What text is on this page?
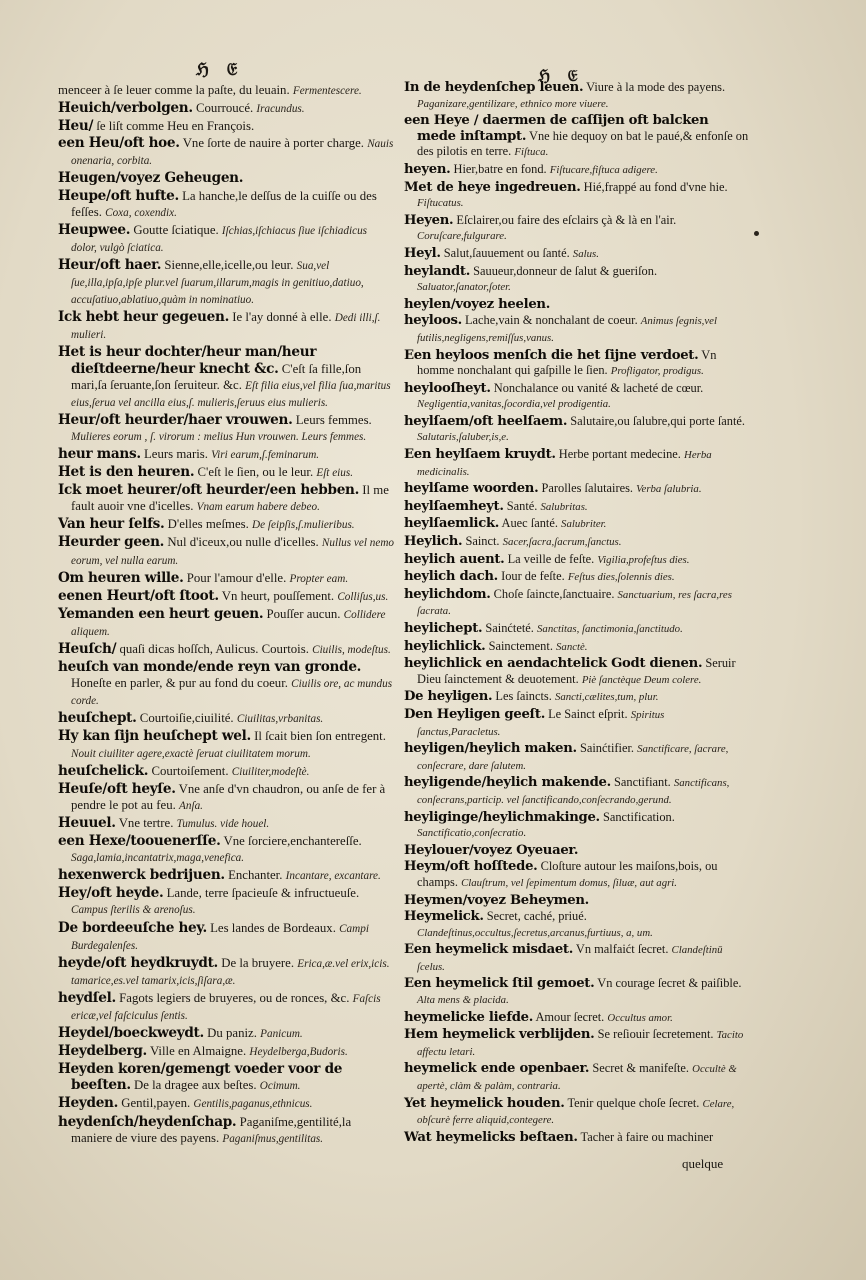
ℌ 𝔈	ℌ 𝔈
menceer à ſe leuer comme la paſte, du leuain. Fermentescere.
Heuich/verbolgen. Courroucé. Iracundus.
Heu/ ſe liſt comme Heu en François.
een Heu/oft hoe. Vne ſorte de nauire à porter charge. Nauis onenaria, corbita.
Heugen/voyez Geheugen.
Heupe/oft hufte. La hanche,le deſſus de la cuiſſe ou des feſſes. Coxa, coxendix.
Heupwee. Goutte ſciatique. Iſchias,iſchiacus ſiue iſchiadicus dolor, vulgò ſciatica.
Heur/oft haer. Sienne,elle,icelle,ou leur. Sua,vel ſue,illa,ipſa,ipſe plur.vel ſuarum,illarum,magis in genitiuo,datiuo, accuſatiuo,ablatiuo,quàm in nominatiuo.
Ick hebt heur gegeuen. Ie l'ay donné à elle. Dedi illi,ſ. mulieri.
Het is heur dochter/heur man/heur dieſtdeerne/heur knecht &c. C'eſt ſa fille,ſon mari,ſa ſeruante,ſon ſeruiteur. &c. Eſt filia eius,vel filia ſua,maritus eius,ſerua vel ancilla eius,ſ. mulieris,ſeruus eius mulieris.
Heur/oft heurder/haer vrouwen. Leurs femmes. Mulieres eorum , ſ. virorum : melius Hun vrouwen. Leurs femmes.
heur mans. Leurs maris. Viri earum,ſ.feminarum.
Het is den heuren. C'eſt le ſien, ou le leur. Eſt eius.
Ick moet heurer/oft heurder/een hebben. Il me fault auoir vne d'icelles. Vnam earum habere debeo.
Van heur ſelfs. D'elles meſmes. De ſeipſis,ſ.mulieribus.
Heurder geen. Nul d'iceux,ou nulle d'icelles. Nullus vel nemo eorum, vel nulla earum.
Om heuren wille. Pour l'amour d'elle. Propter eam.
eenen Heurt/oft ſtoot. Vn heurt, pouſſement. Colliſus,us.
Yemanden een heurt geuen. Pouſſer aucun. Collidere aliquem.
Heuſch/ quaſi dicas hoſſch, Aulicus. Courtois. Ciuilis, modeſtus.
heuſch van monde/ende reyn van gronde. Honeſte en parler, & pur au fond du coeur. Ciuilis ore, ac mundus corde.
heuſchept. Courtoiſie,ciuilité. Ciuilitas,vrbanitas.
Hy kan ſijn heuſchept wel. Il ſcait bien ſon entregent. Nouit ciuiliter agere,exactè ſeruat ciuilitatem morum.
heuſchelick. Courtoiſement. Ciuiliter,modeſtè.
Heuſe/oft heyſe. Vne anſe d'vn chaudron, ou anſe de fer à pendre le pot au feu. Anſa.
Heuuel. Vne tertre. Tumulus. vide houel.
een Hexe/toouenerſſe. Vne ſorciere,enchantereſſe. Saga,lamia,incantatrix,maga,venefica.
hexenwerck bedrijuen. Enchanter. Incantare, excantare.
Hey/oft heyde. Lande, terre ſpacieuſe & infructueuſe. Campus ſterilis & arenoſus.
De bordeeuſche hey. Les landes de Bordeaux. Campi Burdegalenſes.
heyde/oft heydkruydt. De la bruyere. Erica,æ.vel erix,icis. tamarice,es.vel tamarix,icis,ſiſara,æ.
heydſel. Fagots legiers de bruyeres, ou de ronces, &c. Faſcis ericæ,vel faſciculus ſentis.
Heydel/boeckweydt. Du paniz. Panicum.
Heydelberg. Ville en Almaigne. Heydelberga,Budoris.
Heyden koren/gemengt voeder voor de beeſten. De la dragee aux beſtes. Ocimum.
Heyden. Gentil,payen. Gentilis,paganus,ethnicus.
heydenſch/heydenſchap. Paganiſme,gentilité,la maniere de viure des payens. Paganiſmus,gentilitas.
In de heydenſchep leuen. Viure à la mode des payens. Paganizare,gentilizare, ethnico more viuere.
een Heye / daermen de caſſijen oft balcken mede inſtampt. Vne hie dequoy on bat le paué,& enfonſe on des pilotis en terre. Fiſtuca.
heyen. Hier,batre en fond. Fiſtucare,fiſtuca adigere.
Met de heye ingedreuen. Hié,frappé au fond d'vne hie. Fiſtucatus.
Heyen. Eſclairer,ou faire des eſclairs çà & là en l'air. Coruſcare,fulgurare.
Heyl. Salut,ſauuement ou ſanté. Salus.
heylandt. Sauueur,donneur de ſalut & gueriſon. Saluator,ſanator,ſoter.
heylen/voyez heelen.
heyloos. Lache,vain & nonchalant de coeur. Animus ſegnis,vel futilis,negligens,remiſſus,vanus.
Een heyloos menſch die het ſijne verdoet. Vn homme nonchalant qui gaſpille le ſien. Profligator, prodigus.
heylooſheyt. Nonchalance ou vanité & lacheté de cœur. Negligentia,vanitas,ſocordia,vel prodigentia.
heylſaem/oft heelſaem. Salutaire,ou ſalubre,qui porte ſanté. Salutaris,ſaluber,is,e.
Een heylſaem kruydt. Herbe portant medecine. Herba medicinalis.
heylſame woorden. Parolles ſalutaires. Verba ſalubria.
heylſaemheyt. Santé. Salubritas.
heylſaemlick. Auec ſanté. Salubriter.
Heylich. Sainct. Sacer,ſacra,ſacrum,ſanctus.
heylich auent. La veille de feſte. Vigilia,profeſtus dies.
heylich dach. Iour de feſte. Feſtus dies,ſolennis dies.
heylichdom. Choſe ſaincte,ſanctuaire. Sanctuarium, res ſacra,res ſacrata.
heylichept. Sainćteté. Sanctitas, ſanctimonia,ſanctitudo.
heylichlick. Sainctement. Sanctè.
heylichlick en aendachtelick Godt dienen. Seruir Dieu ſainctement & deuotement. Piè ſanctèque Deum colere.
De heyligen. Les ſaincts. Sancti,cælites,tum, plur.
Den Heyligen geeſt. Le Sainct eſprit. Spiritus ſanctus,Paracletus.
heyligen/heylich maken. Sainćtifier. Sanctificare, ſacrare, conſecrare, dare ſalutem.
heyligende/heylich makende. Sanctifiant. Sanctificans, conſecrans,particip. vel ſanctificando,conſecrando,gerund.
heyliginge/heylichmakinge. Sanctification. Sanctificatio,conſecratio.
Heylouer/voyez Oyeuaer.
Heym/oft hoſſtede. Cloſture autour les maiſons,bois, ou champs. Clauſtrum, vel ſepimentum domus, ſiluæ, aut agri.
Heymen/voyez Beheymen.
Heymelick. Secret, caché, priué. Clandeſtinus,occultus,ſecretus,arcanus,furtiuus, a, um.
Een heymelick misdaet. Vn malfaićt ſecret. Clandeſtinū ſcelus.
Een heymelick ſtil gemoet. Vn courage ſecret & paiſible. Alta mens & placida.
heymelicke liefde. Amour ſecret. Occultus amor.
Hem heymelick verblijden. Se reſiouir ſecretement. Tacito affectu letari.
heymelick ende openbaer. Secret & manifeſte. Occultè & apertè, clàm & palàm, contraria.
Yet heymelick houden. Tenir quelque choſe ſecret. Celare, obſcurè ferre aliquid,contegere.
Wat heymelicks beſtaen. Tacher à faire ou machiner
quelque
